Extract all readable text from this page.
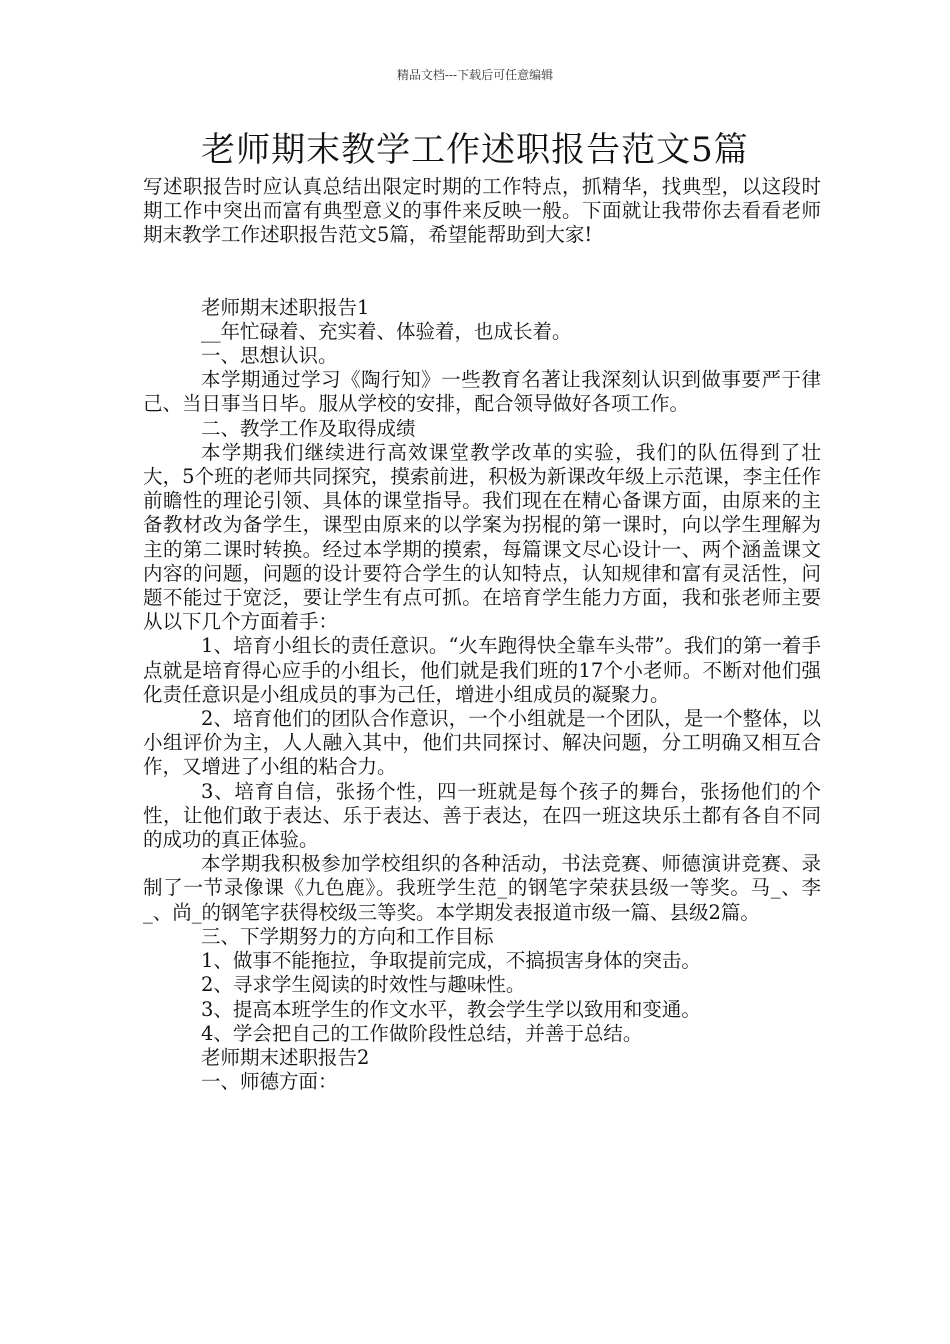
精品文档---下载后可任意编辑
老师期末教学工作述职报告范文5篇

写述职报告时应认真总结出限定时期的工作特点，抓精华，找典型，以这段时期工作中突出而富有典型意义的事件来反映一般。下面就让我带你去看看老师期末教学工作述职报告范文5篇，希望能帮助到大家!

老师期末述职报告1

__年忙碌着、充实着、体验着，也成长着。

一、思想认识。

本学期通过学习《陶行知》一些教育名著让我深刻认识到做事要严于律己、当日事当日毕。服从学校的安排，配合领导做好各项工作。

二、教学工作及取得成绩

本学期我们继续进行高效课堂教学改革的实验，我们的队伍得到了壮大，5个班的老师共同探究，摸索前进，积极为新课改年级上示范课，李主任作前瞻性的理论引领、具体的课堂指导。我们现在在精心备课方面，由原来的主备教材改为备学生，课型由原来的以学案为拐棍的第一课时，向以学生理解为主的第二课时转换。经过本学期的摸索，每篇课文尽心设计一、两个涵盖课文内容的问题，问题的设计要符合学生的认知特点，认知规律和富有灵活性，问题不能过于宽泛，要让学生有点可抓。在培育学生能力方面，我和张老师主要从以下几个方面着手：

1、培育小组长的责任意识。“火车跑得快全靠车头带”。我们的第一着手点就是培育得心应手的小组长，他们就是我们班的17个小老师。不断对他们强化责任意识是小组成员的事为己任，增进小组成员的凝聚力。

2、培育他们的团队合作意识，一个小组就是一个团队，是一个整体，以小组评价为主，人人融入其中，他们共同探讨、解决问题，分工明确又相互合作，又增进了小组的粘合力。

3、培育自信，张扬个性，四一班就是每个孩子的舞台，张扬他们的个性，让他们敢于表达、乐于表达、善于表达，在四一班这块乐土都有各自不同的成功的真正体验。

本学期我积极参加学校组织的各种活动，书法竞赛、师德演讲竞赛、录制了一节录像课《九色鹿》。我班学生范_的钢笔字荣获县级一等奖。马_、李_、尚_的钢笔字获得校级三等奖。本学期发表报道市级一篇、县级2篇。

三、下学期努力的方向和工作目标

1、做事不能拖拉，争取提前完成，不搞损害身体的突击。

2、寻求学生阅读的时效性与趣味性。

3、提高本班学生的作文水平，教会学生学以致用和变通。

4、学会把自己的工作做阶段性总结，并善于总结。

老师期末述职报告2

一、师德方面：
